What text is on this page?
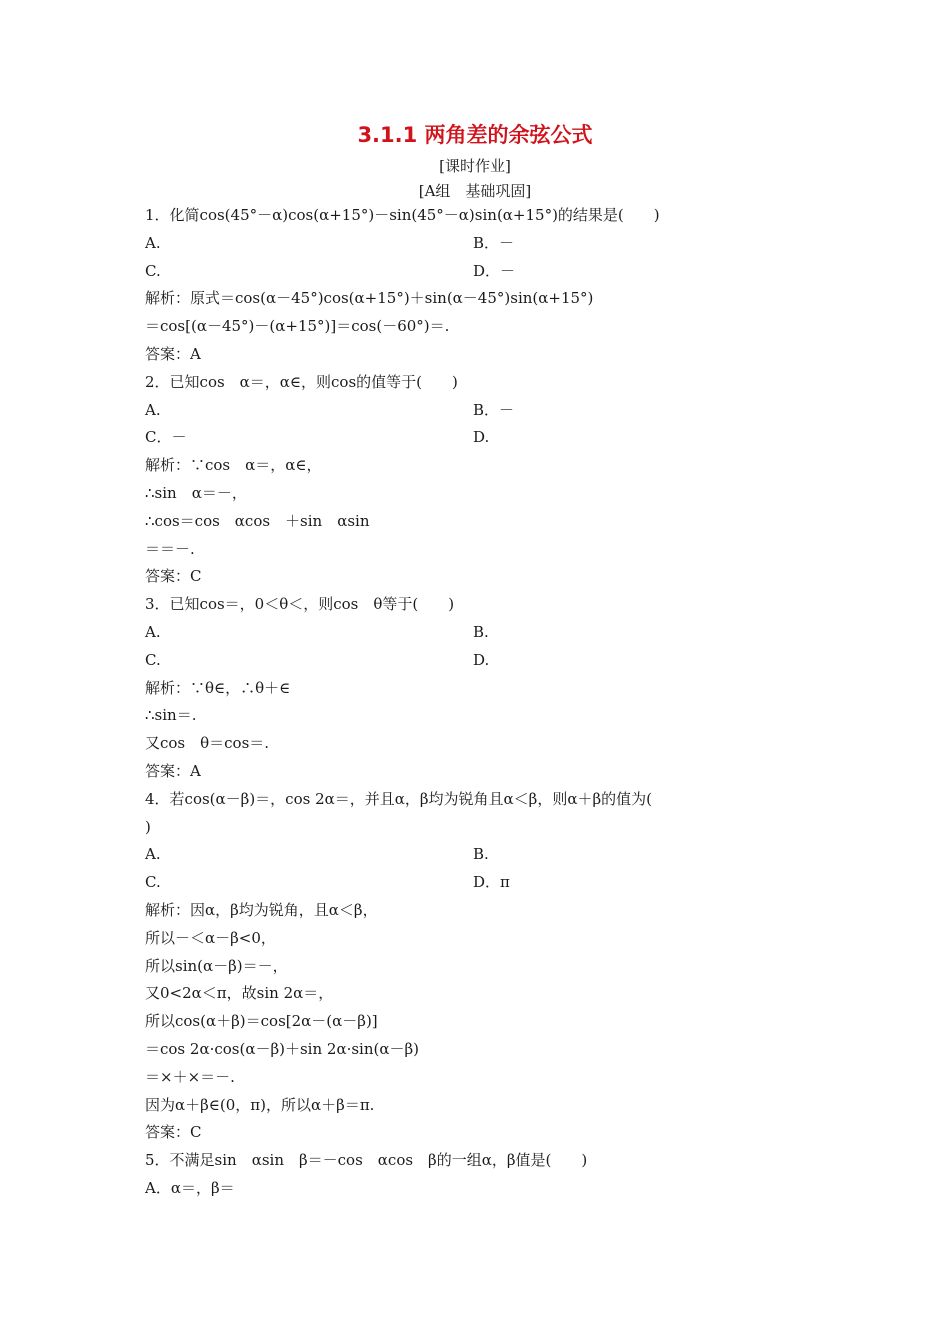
3.1.1 两角差的余弦公式
[课时作业]
[A组　基础巩固]
1．化简cos(45°－α)cos(α+15°)－sin(45°－α)sin(α+15°)的结果是(　　)
A.	B．－
C.	D．－
解析：原式＝cos(α－45°)cos(α+15°)＋sin(α－45°)sin(α+15°)
＝cos[(α－45°)－(α+15°)]＝cos(－60°)＝.
答案：A
2．已知cos　α＝，α∈，则cos的值等于(　　)
A.	B．－
C．－	D.
解析：∵cos　α＝，α∈，
∴sin　α＝－，
∴cos＝cos　αcos　＋sin　αsin
＝＝－.
答案：C
3．已知cos＝，0＜θ＜，则cos　θ等于(　　)
A.	B.
C.	D.
解析：∵θ∈，∴θ＋∈
∴sin＝.
又cos　θ＝cos＝.
答案：A
4．若cos(α－β)＝，cos 2α＝，并且α，β均为锐角且α＜β，则α＋β的值为(
)
A.	B.
C.	D．π
解析：因α，β均为锐角，且α＜β，
所以－＜α－β<0，
所以sin(α－β)＝－，
又0<2α＜π，故sin 2α＝，
所以cos(α＋β)＝cos[2α－(α－β)]
＝cos 2α·cos(α－β)＋sin 2α·sin(α－β)
＝×＋×＝－.
因为α＋β∈(0，π)，所以α＋β＝π.
答案：C
5．不满足sin　αsin　β＝－cos　αcos　β的一组α，β值是(　　)
A．α＝，β＝
